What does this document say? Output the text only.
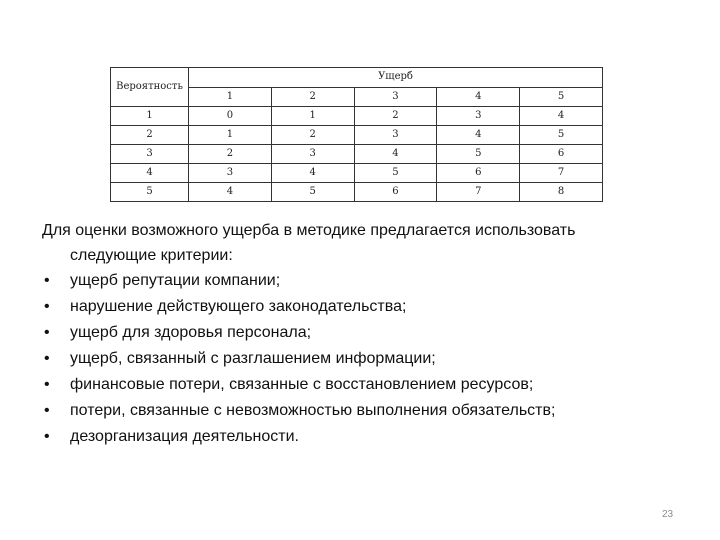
Вероятность	Ущерб				
	1	2	3	4	5
1	0	1	2	3	4
2	1	2	3	4	5
3	2	3	4	5	6
4	3	4	5	6	7
5	4	5	6	7	8

Для оценки возможного ущерба в методике предлагается использовать
следующие критерии:

• ущерб репутации компании;
• нарушение действующего законодательства;
• ущерб для здоровья персонала;
• ущерб, связанный с разглашением информации;
• финансовые потери, связанные с восстановлением ресурсов;
• потери, связанные с невозможностью выполнения обязательств;
• дезорганизация деятельности.
23
